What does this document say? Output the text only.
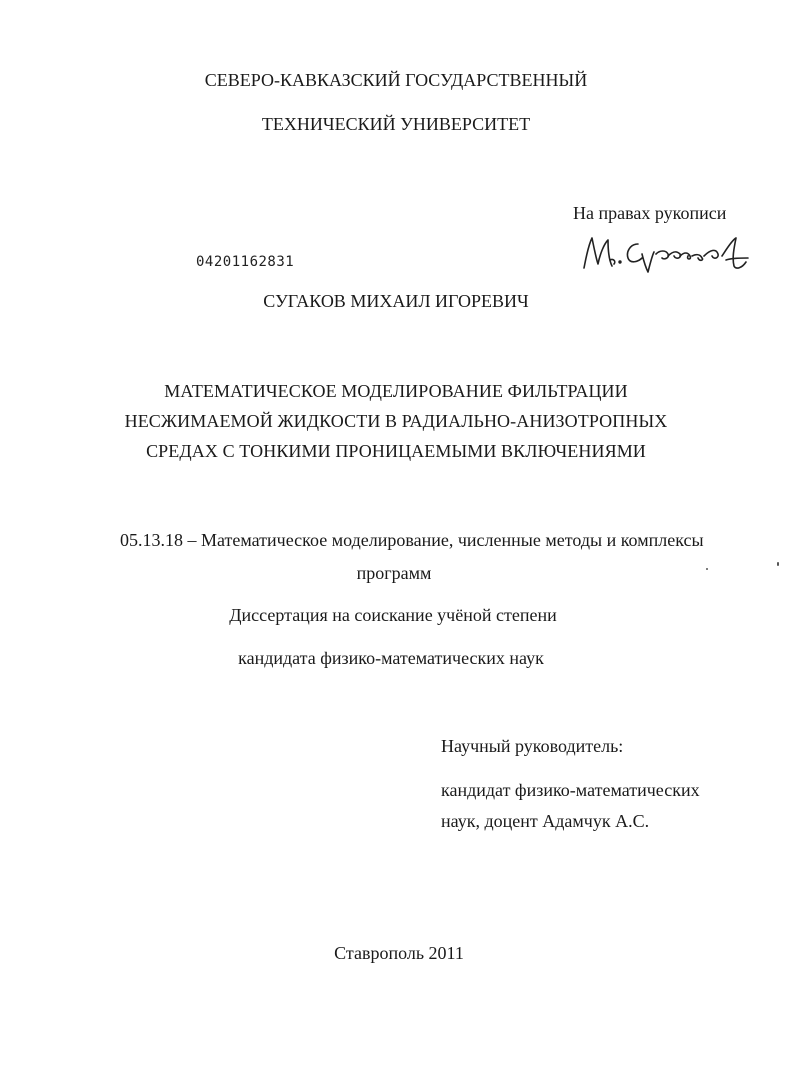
СЕВЕРО-КАВКАЗСКИЙ ГОСУДАРСТВЕННЫЙ
ТЕХНИЧЕСКИЙ УНИВЕРСИТЕТ
На правах рукописи
04201162831
СУГАКОВ МИХАИЛ ИГОРЕВИЧ
МАТЕМАТИЧЕСКОЕ МОДЕЛИРОВАНИЕ ФИЛЬТРАЦИИ
НЕСЖИМАЕМОЙ ЖИДКОСТИ В РАДИАЛЬНО-АНИЗОТРОПНЫХ
СРЕДАХ С ТОНКИМИ ПРОНИЦАЕМЫМИ ВКЛЮЧЕНИЯМИ
05.13.18 – Математическое моделирование, численные методы и комплексы
программ
Диссертация на соискание учёной степени
кандидата физико-математических наук
Научный руководитель:
кандидат физико-математических
наук, доцент Адамчук А.С.
Ставрополь 2011
